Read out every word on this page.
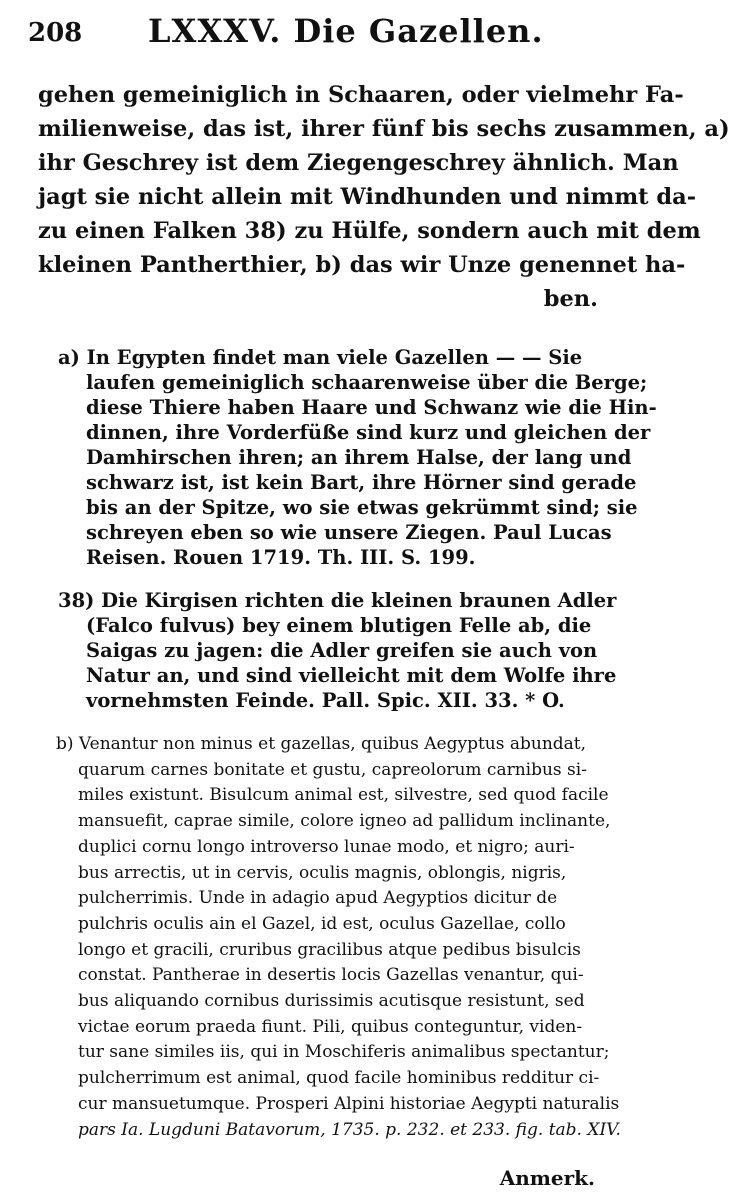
208 LXXXV. Die Gazellen.
gehen gemeiniglich in Schaaren, oder vielmehr Fa-
milienweise, das ist, ihrer fünf bis sechs zusammen, a)
ihr Geschrey ist dem Ziegengeschrey ähnlich. Man
jagt sie nicht allein mit Windhunden und nimmt da-
zu einen Falken 38) zu Hülfe, sondern auch mit dem
kleinen Pantherthier, b) das wir Unze genennet ha-
ben.
a) In Egypten findet man viele Gazellen — — Sie
laufen gemeiniglich schaarenweise über die Berge;
diese Thiere haben Haare und Schwanz wie die Hin-
dinnen, ihre Vorderfüße sind kurz und gleichen der
Damhirschen ihren; an ihrem Halse, der lang und
schwarz ist, ist kein Bart, ihre Hörner sind gerade
bis an der Spitze, wo sie etwas gekrümmt sind; sie
schreyen eben so wie unsere Ziegen. Paul Lucas
Reisen. Rouen 1719. Th. III. S. 199.
38) Die Kirgisen richten die kleinen braunen Adler
(Falco fulvus) bey einem blutigen Felle ab, die
Saigas zu jagen: die Adler greifen sie auch von
Natur an, und sind vielleicht mit dem Wolfe ihre
vornehmsten Feinde. Pall. Spic. XII. 33. * O.
b) Venantur non minus et gazellas, quibus Aegyptus abundat,
quarum carnes bonitate et gustu, capreolorum carnibus si-
miles existunt. Bisulcum animal est, silvestre, sed quod facile
mansuefit, caprae simile, colore igneo ad pallidum inclinante,
duplici cornu longo introverso lunae modo, et nigro; auri-
bus arrectis, ut in cervis, oculis magnis, oblongis, nigris,
pulcherrimis. Unde in adagio apud Aegyptios dicitur de
pulchris oculis ain el Gazel, id est, oculus Gazellae, collo
longo et gracili, cruribus gracilibus atque pedibus bisulcis
constat. Pantherae in desertis locis Gazellas venantur, qui-
bus aliquando cornibus durissimis acutisque resistunt, sed
victae eorum praeda fiunt. Pili, quibus conteguntur, viden-
tur sane similes iis, qui in Moschiferis animalibus spectantur;
pulcherrimum est animal, quod facile hominibus redditur ci-
cur mansuetumque. Prosperi Alpini historiae Aegypti naturalis
pars Ia. Lugduni Batavorum, 1735. p. 232. et 233. fig. tab. XIV.
Anmerk.
